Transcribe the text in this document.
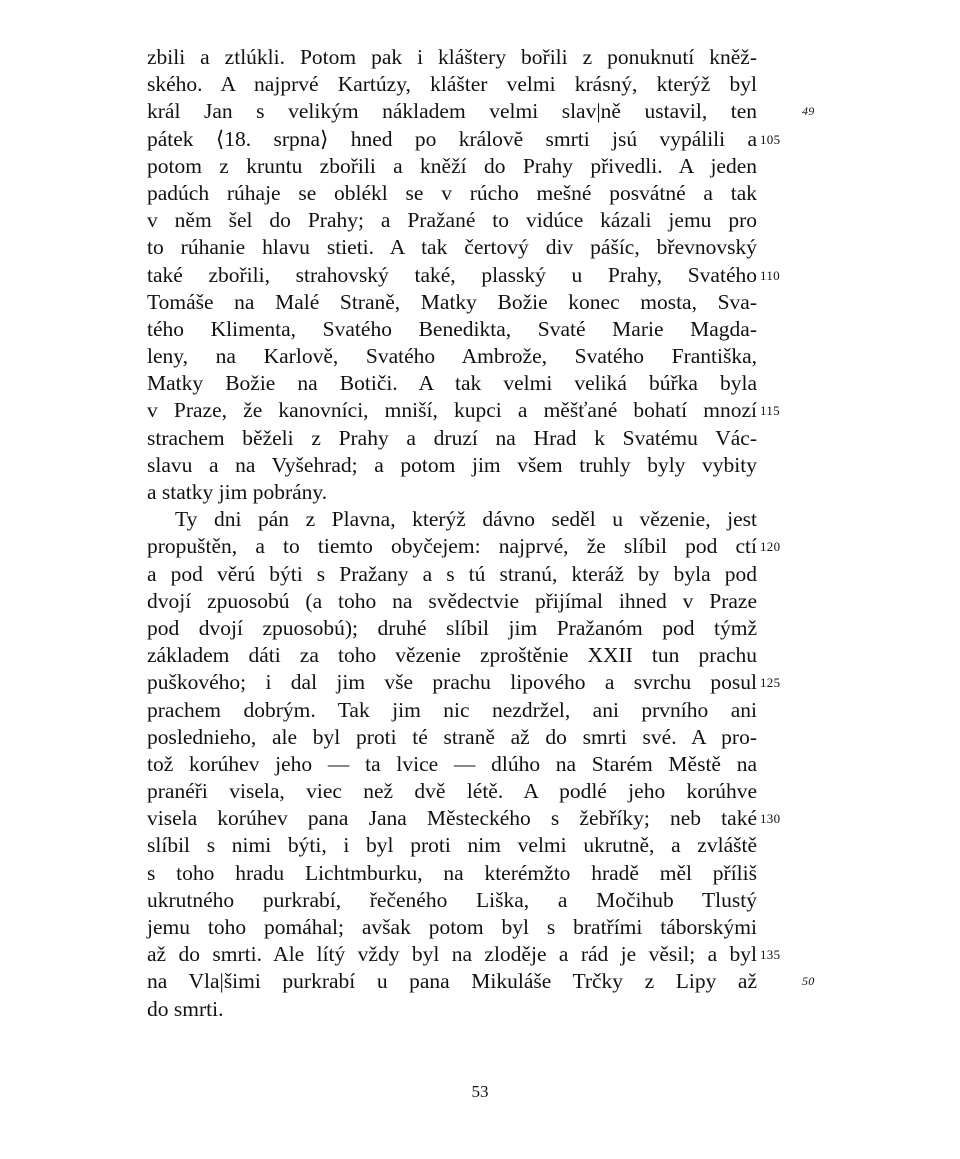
zbili a ztlúkli. Potom pak i kláštery bořili z ponuknutí kněž-
ského. A najprvé Kartúzy, klášter velmi krásný, kterýž byl
král Jan s velikým nákladem velmi slav|ně ustavil, ten	49
pátek ⟨18. srpna⟩ hned po královĕ smrti jsú vypálili a 105
potom z kruntu zbořili a kněží do Prahy přivedli. A jeden
padúch rúhaje se oblékl se v rúcho mešné posvátné a tak
v něm šel do Prahy; a Pražané to vidúce kázali jemu pro
to rúhanie hlavu stieti. A tak čertový div pášíc, břevnovský
také zbořili, strahovský také, plasský u Prahy, Svatého 110
Tomáše na Malé Straně, Matky Božie konec mosta, Sva-
tého Klimenta, Svatého Benedikta, Svaté Marie Magda-
leny, na Karlově, Svatého Ambrože, Svatého Františka,
Matky Božie na Botiči. A tak velmi veliká búřka byla
v Praze, že kanovníci, mniší, kupci a měšťané bohatí mnozí 115
strachem běželi z Prahy a druzí na Hrad k Svatému Vác-
slavu a na Vyšehrad; a potom jim všem truhly byly vybity
a statky jim pobrány.
Ty dni pán z Plavna, kterýž dávno seděl u vězenie, jest
propuštěn, a to tiemto obyčejem: najprvé, že slíbil pod ctí 120
a pod věrú býti s Pražany a s tú stranú, kteráž by byla pod
dvojí zpuosobú (a toho na svědectvie přijímal ihned v Praze
pod dvojí zpuosobú); druhé slíbil jim Pražanóm pod týmž
základem dáti za toho vězenie zproštěnie XXII tun prachu
puškového; i dal jim vše prachu lipového a svrchu posul 125
prachem dobrým. Tak jim nic nezdržel, ani prvního ani
poslednieho, ale byl proti té straně až do smrti své. A pro-
tož korúhev jeho — ta lvice — dlúho na Starém Městě na
pranéři visela, viec než dvě létě. A podlé jeho korúhve
visela korúhev pana Jana Městeckého s žebříky; neb také 130
slíbil s nimi býti, i byl proti nim velmi ukrutně, a zvláště
s toho hradu Lichtmburku, na kterémžto hradě měl příliš
ukrutného purkrabí, řečeného Liška, a Močihub Tlustý
jemu toho pomáhal; avšak potom byl s bratřími táborskými
až do smrti. Ale lítý vždy byl na zloděje a rád je věsil; a byl 135
na Vla|šimi purkrabí u pana Mikuláše Trčky z Lipy až	50
do smrti.
53
